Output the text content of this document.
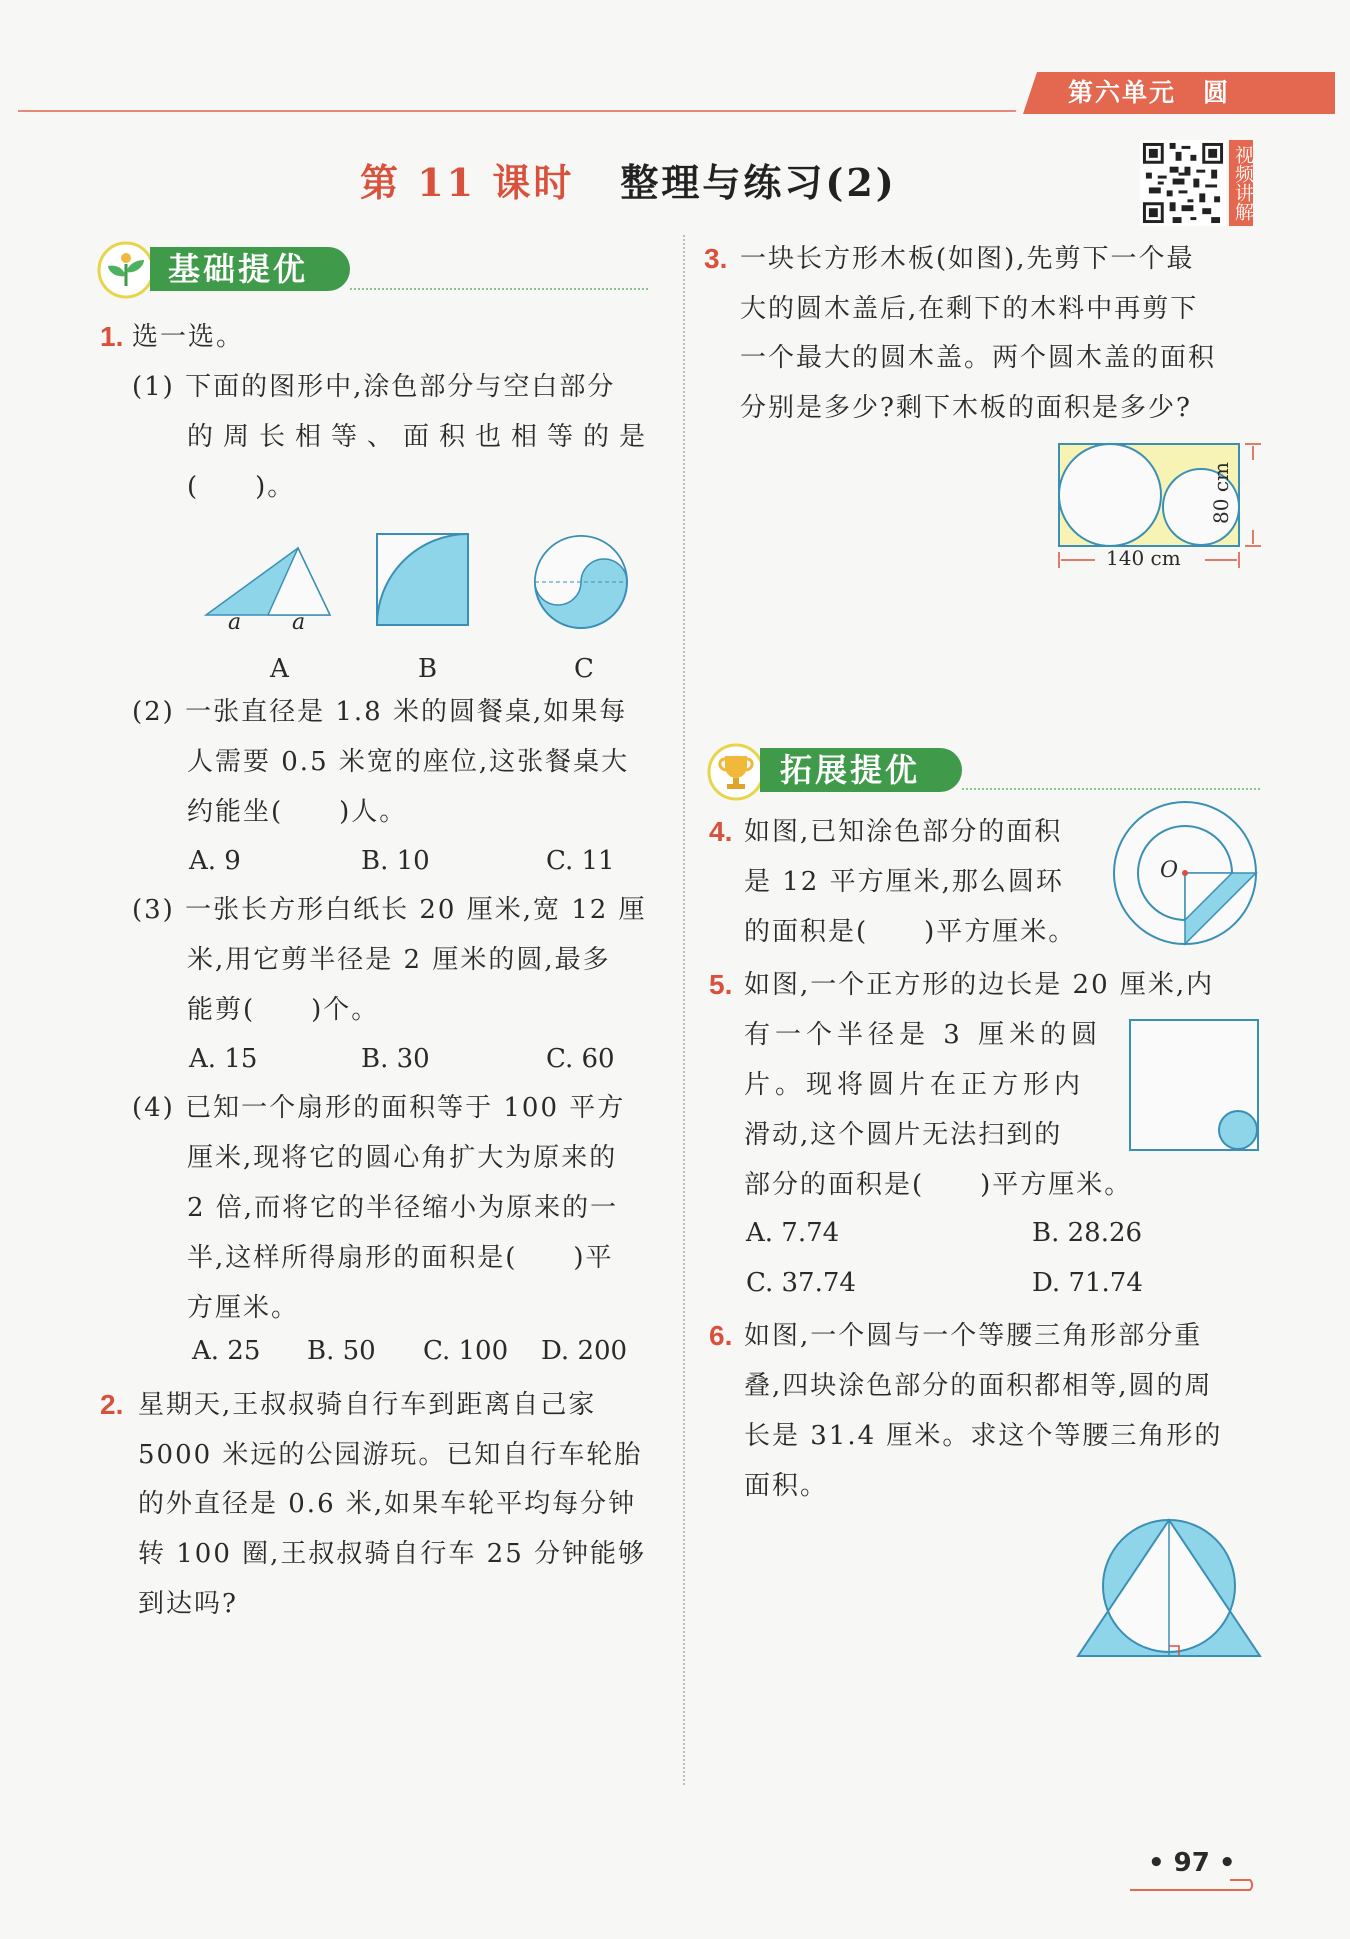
第六单元　圆
第 11 课时 整理与练习(2)	视频讲解
基础提优
1. 选一选。
(1) 下面的图形中,涂色部分与空白部分
的周长相等、面积也相等的是
(　　)。
a a
A	B	C
(2) 一张直径是 1.8 米的圆餐桌,如果每
人需要 0.5 米宽的座位,这张餐桌大
约能坐(　　)人。
A. 9	B. 10	C. 11
(3) 一张长方形白纸长 20 厘米,宽 12 厘
米,用它剪半径是 2 厘米的圆,最多
能剪(　　)个。
A. 15	B. 30	C. 60
(4) 已知一个扇形的面积等于 100 平方
厘米,现将它的圆心角扩大为原来的
2 倍,而将它的半径缩小为原来的一
半,这样所得扇形的面积是(　　)平
方厘米。
A. 25 B. 50 C. 100 D. 200
2. 星期天,王叔叔骑自行车到距离自己家
5000 米远的公园游玩。已知自行车轮胎
的外直径是 0.6 米,如果车轮平均每分钟
转 100 圈,王叔叔骑自行车 25 分钟能够
到达吗?
3. 一块长方形木板(如图),先剪下一个最
大的圆木盖后,在剩下的木料中再剪下
一个最大的圆木盖。两个圆木盖的面积
分别是多少?剩下木板的面积是多少?
140 cm
80 cm
拓展提优
4. 如图,已知涂色部分的面积
是 12 平方厘米,那么圆环
的面积是(　　)平方厘米。
O
5. 如图,一个正方形的边长是 20 厘米,内
有一个半径是 3 厘米的圆
片。现将圆片在正方形内
滑动,这个圆片无法扫到的
部分的面积是(　　)平方厘米。
A. 7.74	B. 28.26
C. 37.74	D. 71.74
6. 如图,一个圆与一个等腰三角形部分重
叠,四块涂色部分的面积都相等,圆的周
长是 31.4 厘米。求这个等腰三角形的
面积。
• 97 •
